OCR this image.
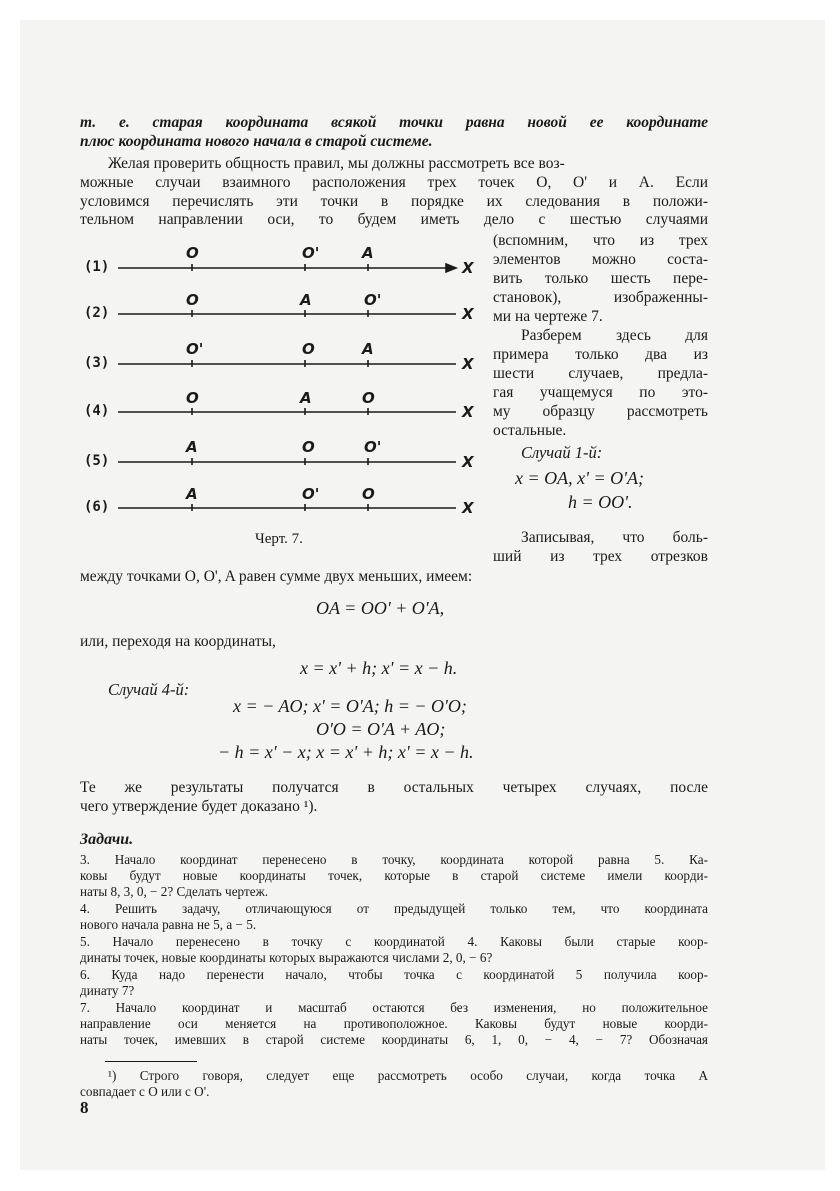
т. е. старая координата всякой точки равна новой ее координате
плюс координата нового начала в старой системе.
Желая проверить общность правил, мы должны рассмотреть все воз-
можные случаи взаимного расположения трех точек O, O' и A. Если
условимся перечислять эти точки в порядке их следования в положи-
тельном направлении оси, то будем иметь дело с шестью случаями
(1)
(2)
(3)
(4)
(5)
(6)
X
X
X
X
X
X
O	O'	A
O	A	O'
O'	O	A
O	A	O
A	O	O'
A	O'	O
Черт. 7.
(вспомним, что из трех
элементов можно соста-
вить только шесть пере-
становок), изображенны-
ми на чертеже 7.
Разберем здесь для
примера только два из
шести случаев, предла-
гая учащемуся по это-
му образцу рассмотреть
остальные.
Случай 1-й:
x = OA, x' = O'A;
h = OO'.
Записывая, что боль-
ший из трех отрезков
между точками O, O', A равен сумме двух меньших, имеем:
OA = OO' + O'A,
или, переходя на координаты,
x = x' + h; x' = x − h.
Случай 4-й:
x = − AO; x' = O'A; h = − O'O;
O'O = O'A + AO;
− h = x' − x; x = x' + h; x' = x − h.
Те же результаты получатся в остальных четырех случаях, после
чего утверждение будет доказано ¹).
Задачи.
3. Начало координат перенесено в точку, координата которой равна 5. Ка-
ковы будут новые координаты точек, которые в старой системе имели коорди-
наты 8, 3, 0, − 2? Сделать чертеж.
4. Решить задачу, отличающуюся от предыдущей только тем, что координата
нового начала равна не 5, а − 5.
5. Начало перенесено в точку с координатой 4. Каковы были старые коор-
динаты точек, новые координаты которых выражаются числами 2, 0, − 6?
6. Куда надо перенести начало, чтобы точка с координатой 5 получила коор-
динату 7?
7. Начало координат и масштаб остаются без изменения, но положительное
направление оси меняется на противоположное. Каковы будут новые коорди-
наты точек, имевших в старой системе координаты 6, 1, 0, − 4, − 7? Обозначая
¹) Строго говоря, следует еще рассмотреть особо случаи, когда точка A
совпадает с O или с O'.
8
